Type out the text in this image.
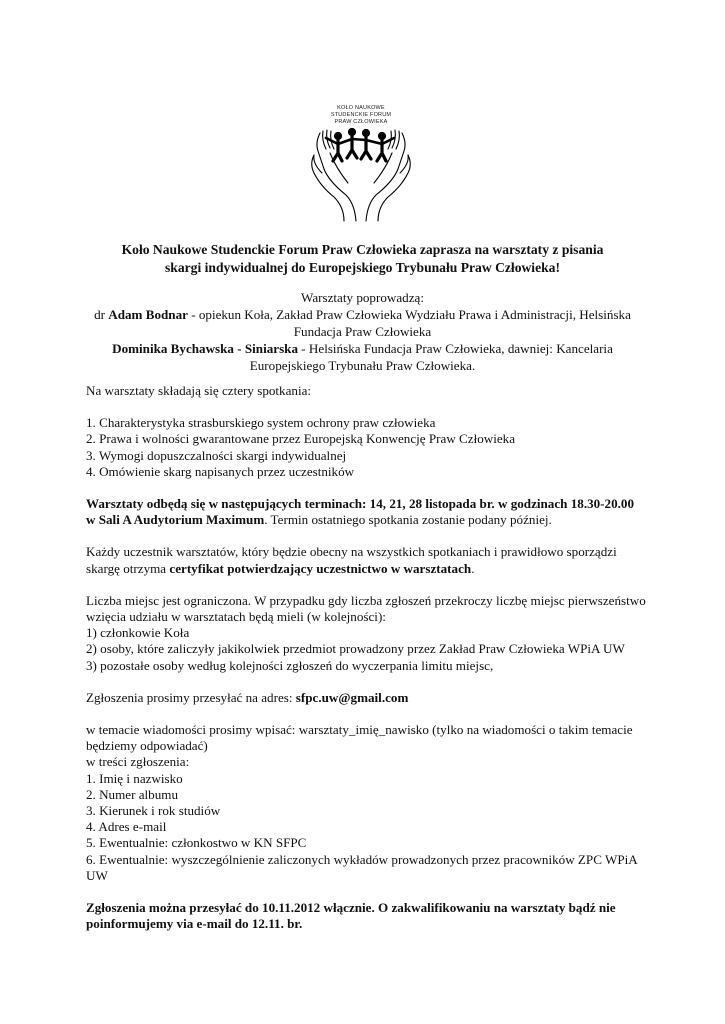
KOŁO NAUKOWE
STUDENCKIE FORUM
PRAW CZŁOWIEKA
Koło Naukowe Studenckie Forum Praw Człowieka zaprasza na warsztaty z pisania
skargi indywidualnej do Europejskiego Trybunału Praw Człowieka!
Warsztaty poprowadzą:
dr Adam Bodnar - opiekun Koła, Zakład Praw Człowieka Wydziału Prawa i Administracji, Helsińska Fundacja Praw Człowieka
Dominika Bychawska - Siniarska - Helsińska Fundacja Praw Człowieka, dawniej: Kancelaria Europejskiego Trybunału Praw Człowieka.

Na warsztaty składają się cztery spotkania:

1. Charakterystyka strasburskiego system ochrony praw człowieka

2. Prawa i wolności gwarantowane przez Europejską Konwencję Praw Człowieka

3. Wymogi dopuszczalności skargi indywidualnej

4. Omówienie skarg napisanych przez uczestników

Warsztaty odbędą się w następujących terminach: 14, 21, 28 listopada br. w godzinach 18.30-20.00

w Sali A Audytorium Maximum. Termin ostatniego spotkania zostanie podany później.

Każdy uczestnik warsztatów, który będzie obecny na wszystkich spotkaniach i prawidłowo sporządzi

skargę otrzyma certyfikat potwierdzający uczestnictwo w warsztatach.

Liczba miejsc jest ograniczona. W przypadku gdy liczba zgłoszeń przekroczy liczbę miejsc pierwszeństwo

wzięcia udziału w warsztatach będą mieli (w kolejności):

1) członkowie Koła

2) osoby, które zaliczyły jakikolwiek przedmiot prowadzony przez Zakład Praw Człowieka WPiA UW

3) pozostałe osoby według kolejności zgłoszeń do wyczerpania limitu miejsc,

Zgłoszenia prosimy przesyłać na adres: sfpc.uw@gmail.com

w temacie wiadomości prosimy wpisać: warsztaty_imię_nawisko (tylko na wiadomości o takim temacie

będziemy odpowiadać)

w treści zgłoszenia:

1. Imię i nazwisko

2. Numer albumu

3. Kierunek i rok studiów

4. Adres e-mail

5. Ewentualnie: członkostwo w KN SFPC

6. Ewentualnie: wyszczególnienie zaliczonych wykładów prowadzonych przez pracowników ZPC WPiA

UW

Zgłoszenia można przesyłać do 10.11.2012 włącznie. O zakwalifikowaniu na warsztaty bądź nie

poinformujemy via e-mail do 12.11. br.
